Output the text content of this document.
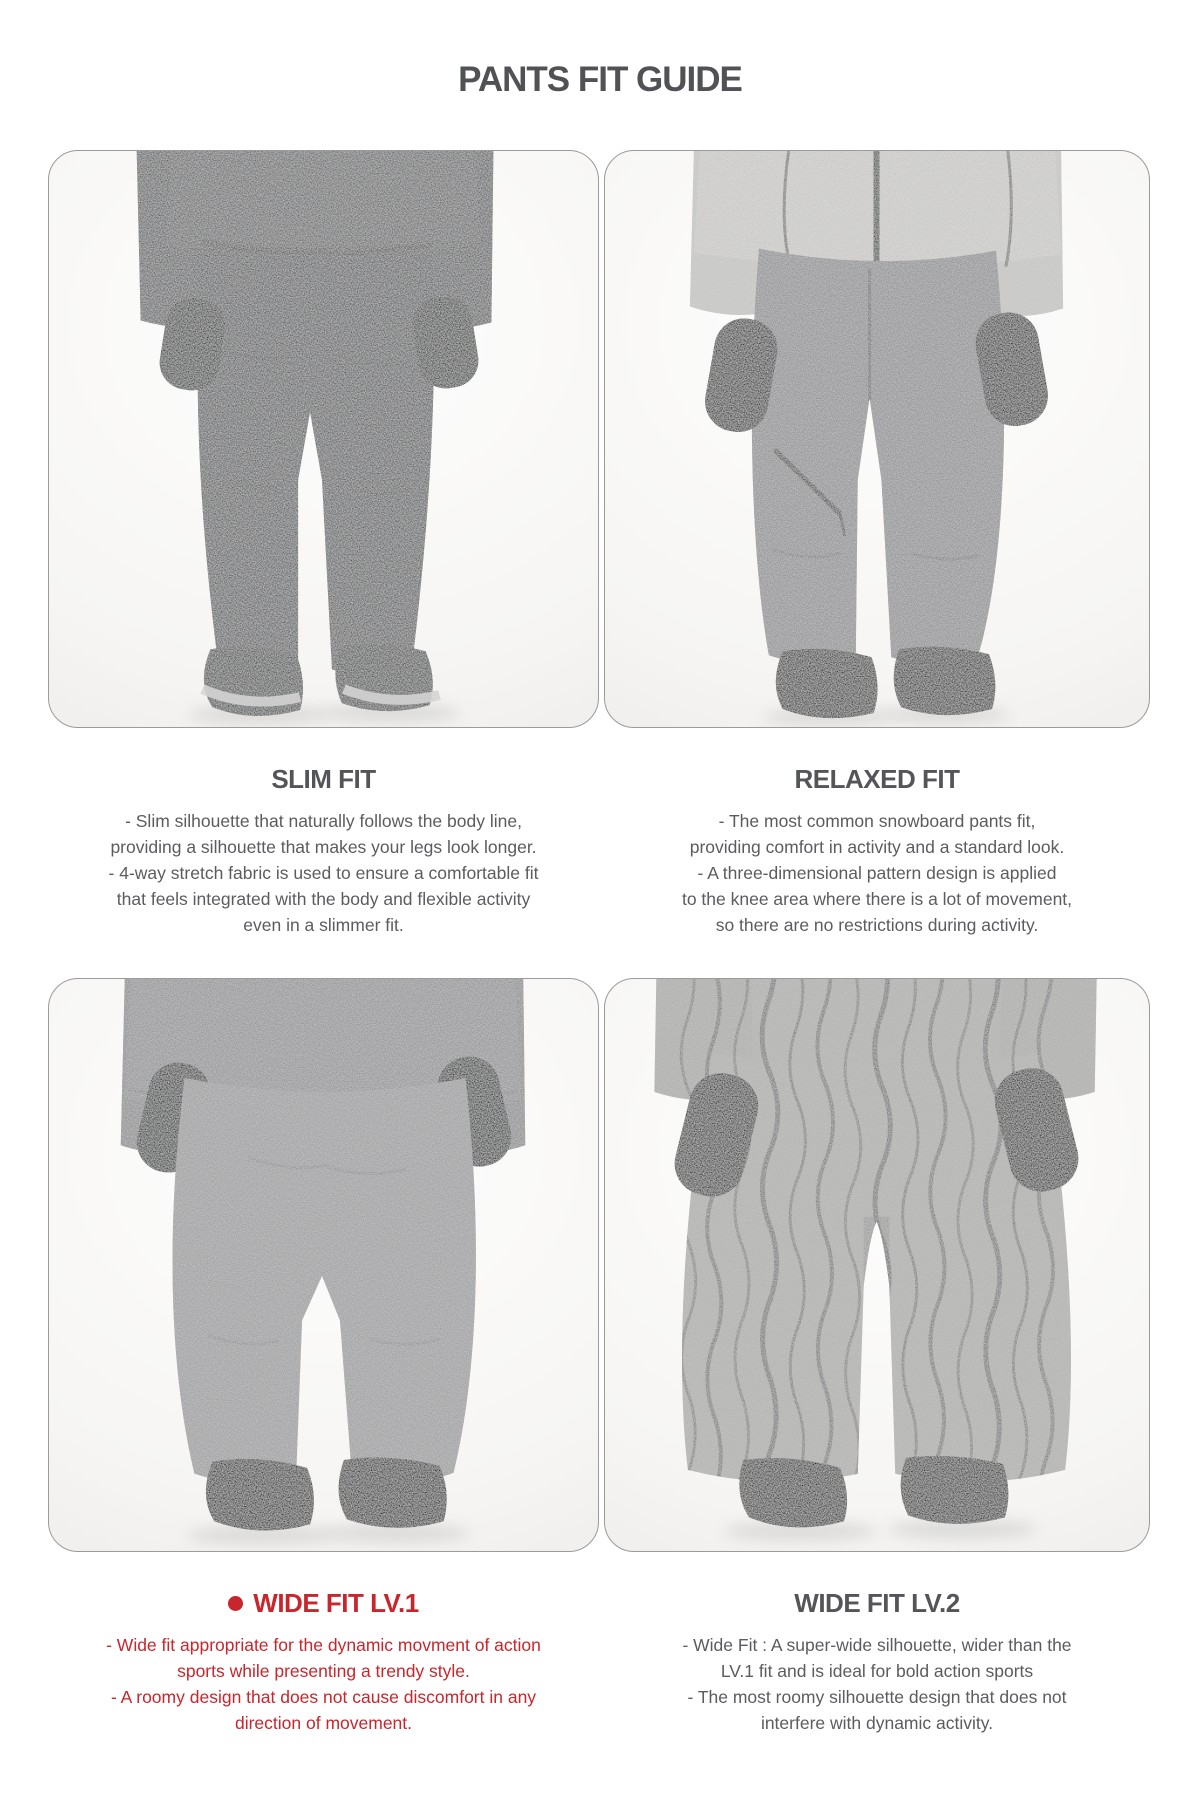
PANTS FIT GUIDE
SLIM FIT

- Slim silhouette that naturally follows the body line,
providing a silhouette that makes your legs look longer.
- 4-way stretch fabric is used to ensure a comfortable fit
that feels integrated with the body and flexible activity
even in a slimmer fit.

RELAXED FIT

- The most common snowboard pants fit,
providing comfort in activity and a standard look.
- A three-dimensional pattern design is applied
to the knee area where there is a lot of movement,
so there are no restrictions during activity.

WIDE FIT LV.1

- Wide fit appropriate for the dynamic movment of action
sports while presenting a trendy style.
- A roomy design that does not cause discomfort in any
direction of movement.

WIDE FIT LV.2

- Wide Fit : A super-wide silhouette, wider than the
LV.1 fit and is ideal for bold action sports
- The most roomy silhouette design that does not
interfere with dynamic activity.
